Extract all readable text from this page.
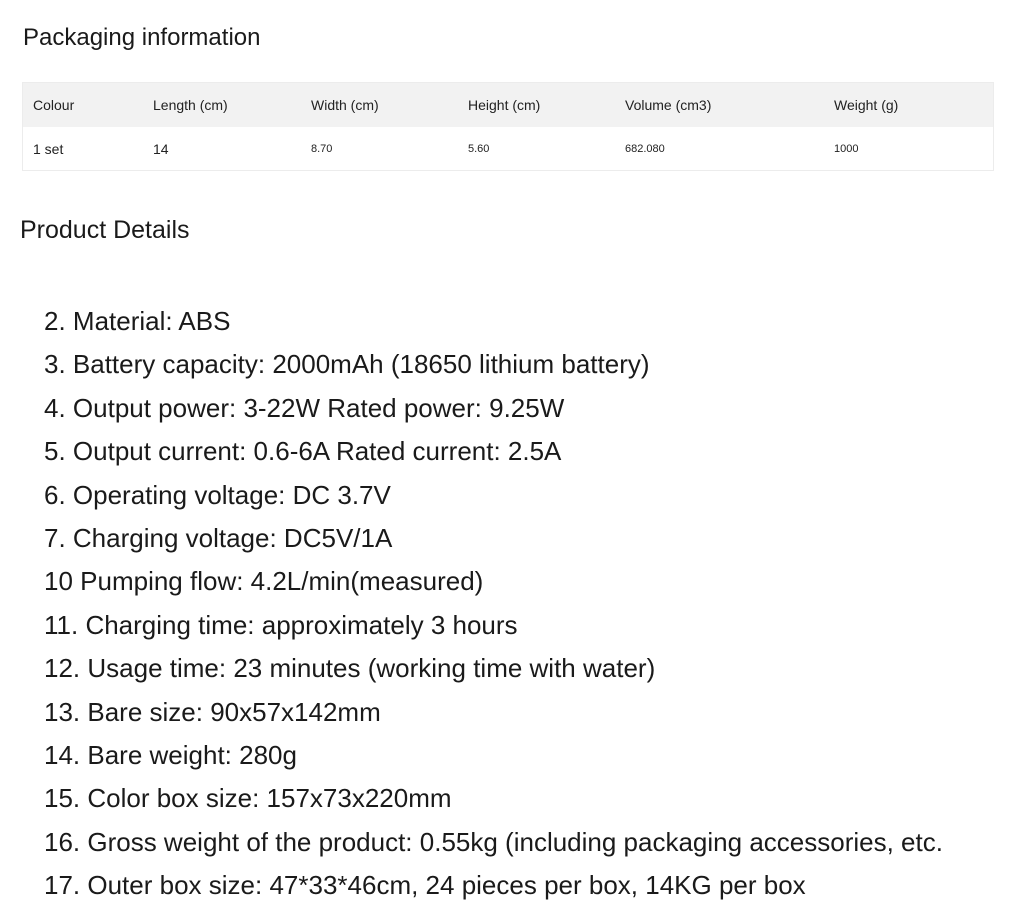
Packaging information
Colour	Length (cm)	Width (cm)	Height (cm)	Volume (cm3)	Weight (g)
1 set	14	8.70	5.60	682.080	1000
Product Details
2. Material: ABS
3. Battery capacity: 2000mAh (18650 lithium battery)
4. Output power: 3-22W Rated power: 9.25W
5. Output current: 0.6-6A Rated current: 2.5A
6. Operating voltage: DC 3.7V
7. Charging voltage: DC5V/1A
10 Pumping flow: 4.2L/min(measured)
11. Charging time: approximately 3 hours
12. Usage time: 23 minutes (working time with water)
13. Bare size: 90x57x142mm
14. Bare weight: 280g
15. Color box size: 157x73x220mm
16. Gross weight of the product: 0.55kg (including packaging accessories, etc.
17. Outer box size: 47*33*46cm, 24 pieces per box, 14KG per box
